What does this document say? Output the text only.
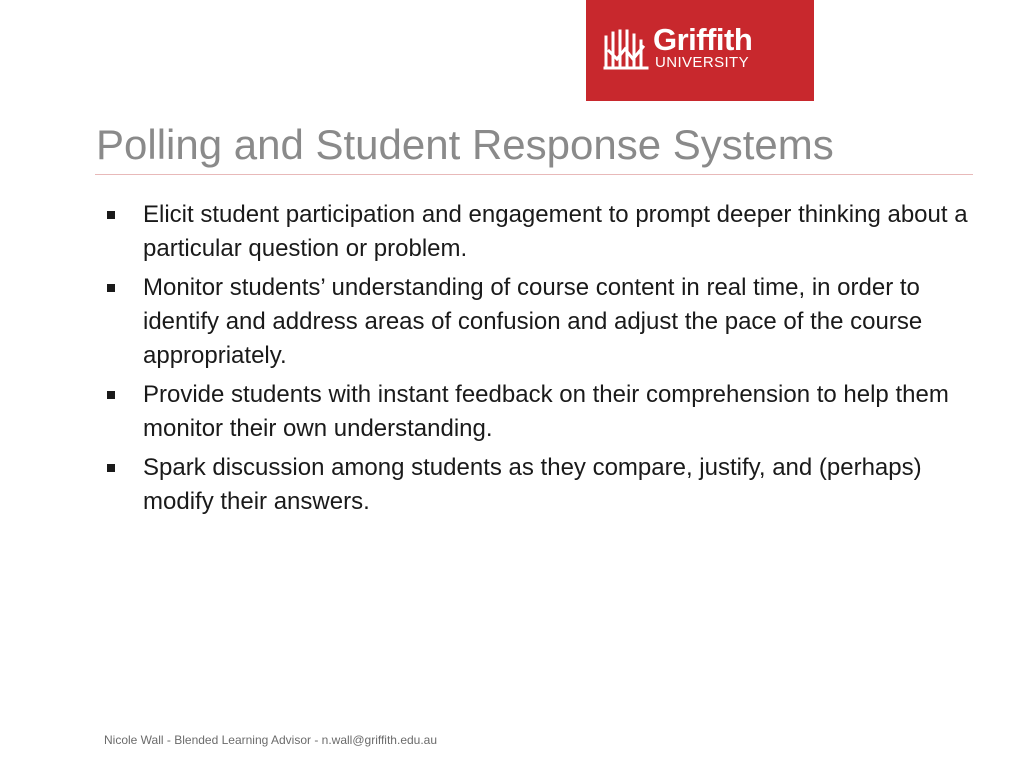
Griffith
UNIVERSITY
Polling and Student Response Systems
Elicit student participation and engagement to prompt deeper thinking about a particular question or problem.
Monitor students’ understanding of course content in real time, in order to identify and address areas of confusion and adjust the pace of the course appropriately.
Provide students with instant feedback on their comprehension to help them monitor their own understanding.
Spark discussion among students as they compare, justify, and (perhaps) modify their answers.
Nicole Wall - Blended Learning Advisor - n.wall@griffith.edu.au
